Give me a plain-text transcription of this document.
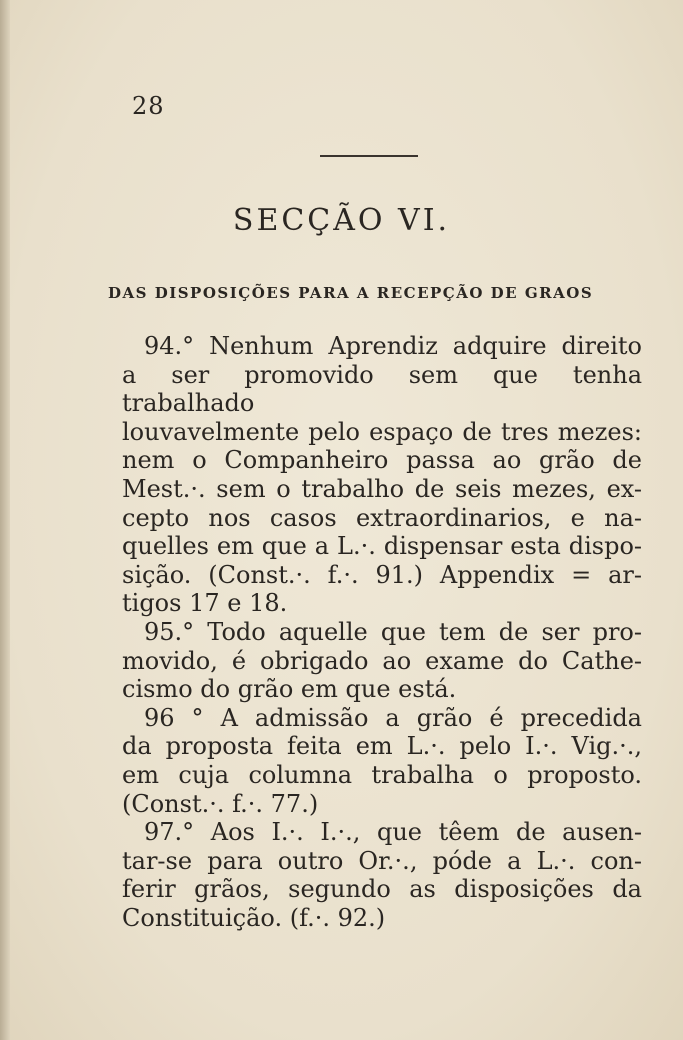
28
SECÇÃO VI.
DAS DISPOSIÇÕES PARA A RECEPÇÃO DE GRAOS
94.° Nenhum Aprendiz adquire direito
a ser promovido sem que tenha trabalhado
louvavelmente pelo espaço de tres mezes:
nem o Companheiro passa ao grão de
Mest.·. sem o trabalho de seis mezes, ex-
cepto nos casos extraordinarios, e na-
quelles em que a L.·. dispensar esta dispo-
sição. (Const.·. f.·. 91.) Appendix = ar-
tigos 17 e 18.
95.° Todo aquelle que tem de ser pro-
movido, é obrigado ao exame do Cathe-
cismo do grão em que está.
96 ° A admissão a grão é precedida
da proposta feita em L.·. pelo I.·. Vig.·.,
em cuja columna trabalha o proposto.
(Const.·. f.·. 77.)
97.° Aos I.·. I.·., que têem de ausen-
tar-se para outro Or.·., póde a L.·. con-
ferir grãos, segundo as disposições da
Constituição. (f.·. 92.)
